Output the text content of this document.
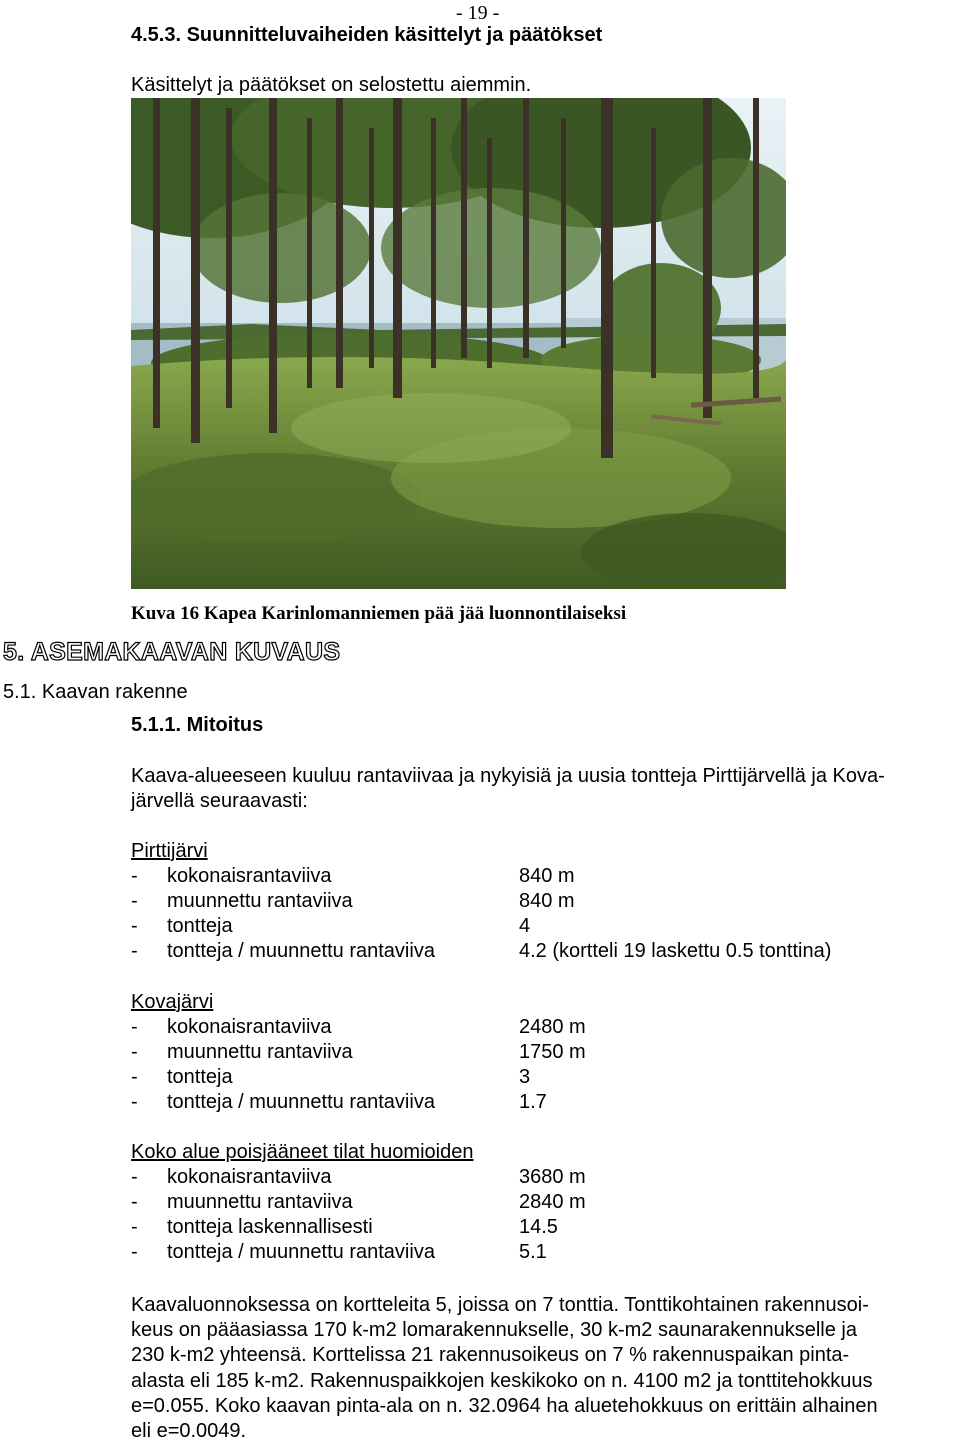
- 19 -
4.5.3. Suunnitteluvaiheiden käsittelyt ja päätökset
Käsittelyt ja päätökset on selostettu aiemmin.
Kuva 16 Kapea Karinlomanniemen pää jää luonnontilaiseksi
5. ASEMAKAAVAN KUVAUS
5.1. Kaavan rakenne
5.1.1. Mitoitus
Kaava-alueeseen kuuluu rantaviivaa ja nykyisiä ja uusia tontteja Pirttijärvellä ja Kova-
järvellä seuraavasti:
Pirttijärvi
- kokonaisrantaviiva	840 m
- muunnettu rantaviiva	840 m
- tontteja	4
- tontteja / muunnettu rantaviiva	4.2 (kortteli 19 laskettu 0.5 tonttina)
Kovajärvi
- kokonaisrantaviiva	2480 m
- muunnettu rantaviiva	1750 m
- tontteja	3
- tontteja / muunnettu rantaviiva	1.7
Koko alue poisjääneet tilat huomioiden
- kokonaisrantaviiva	3680 m
- muunnettu rantaviiva	2840 m
- tontteja laskennallisesti	14.5
- tontteja / muunnettu rantaviiva	5.1
Kaavaluonnoksessa on kortteleita 5, joissa on 7 tonttia. Tonttikohtainen rakennusoi-
keus on pääasiassa 170 k-m2 lomarakennukselle, 30 k-m2 saunarakennukselle ja
230 k-m2 yhteensä. Korttelissa 21 rakennusoikeus on 7 % rakennuspaikan pinta-
alasta eli 185 k-m2. Rakennuspaikkojen keskikoko on n. 4100 m2 ja tonttitehokkuus
e=0.055. Koko kaavan pinta-ala on n. 32.0964 ha aluetehokkuus on erittäin alhainen
eli e=0.0049.
